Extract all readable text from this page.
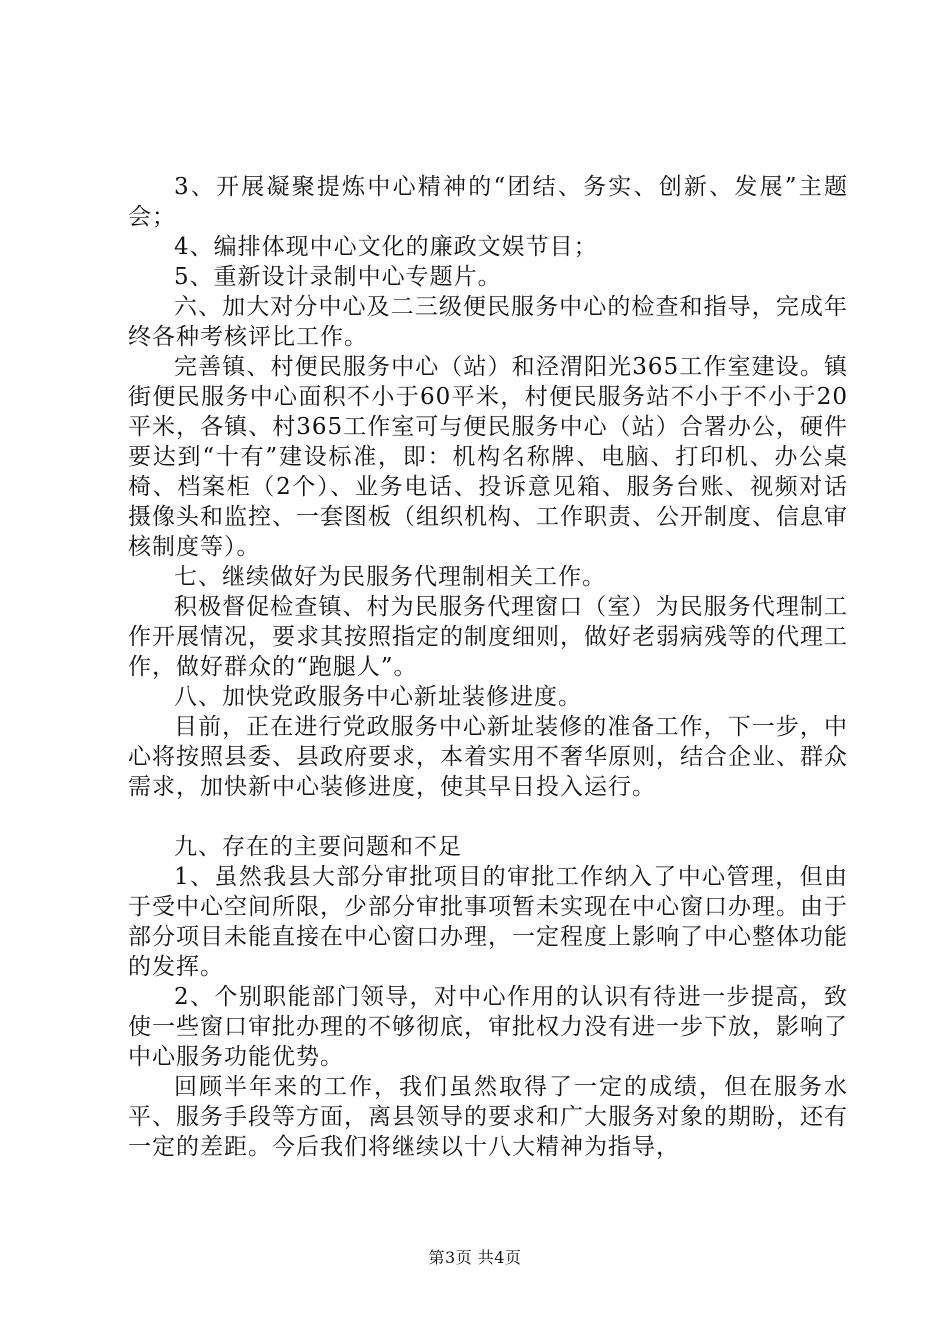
3、开展凝聚提炼中心精神的“团结、务实、创新、发展”主题会；

4、编排体现中心文化的廉政文娱节目；

5、重新设计录制中心专题片。

六、加大对分中心及二三级便民服务中心的检查和指导，完成年终各种考核评比工作。

完善镇、村便民服务中心（站）和泾渭阳光365工作室建设。镇街便民服务中心面积不小于60平米，村便民服务站不小于不小于20平米，各镇、村365工作室可与便民服务中心（站）合署办公，硬件要达到“十有”建设标准，即：机构名称牌、电脑、打印机、办公桌椅、档案柜（2个）、业务电话、投诉意见箱、服务台账、视频对话摄像头和监控、一套图板（组织机构、工作职责、公开制度、信息审核制度等）。

七、继续做好为民服务代理制相关工作。

积极督促检查镇、村为民服务代理窗口（室）为民服务代理制工作开展情况，要求其按照指定的制度细则，做好老弱病残等的代理工作，做好群众的“跑腿人”。

八、加快党政服务中心新址装修进度。

目前，正在进行党政服务中心新址装修的准备工作，下一步，中心将按照县委、县政府要求，本着实用不奢华原则，结合企业、群众需求，加快新中心装修进度，使其早日投入运行。

九、存在的主要问题和不足

1、虽然我县大部分审批项目的审批工作纳入了中心管理，但由于受中心空间所限，少部分审批事项暂未实现在中心窗口办理。由于部分项目未能直接在中心窗口办理，一定程度上影响了中心整体功能的发挥。

2、个别职能部门领导，对中心作用的认识有待进一步提高，致使一些窗口审批办理的不够彻底，审批权力没有进一步下放，影响了中心服务功能优势。

回顾半年来的工作，我们虽然取得了一定的成绩，但在服务水平、服务手段等方面，离县领导的要求和广大服务对象的期盼，还有一定的差距。今后我们将继续以十八大精神为指导，

第3页 共4页
